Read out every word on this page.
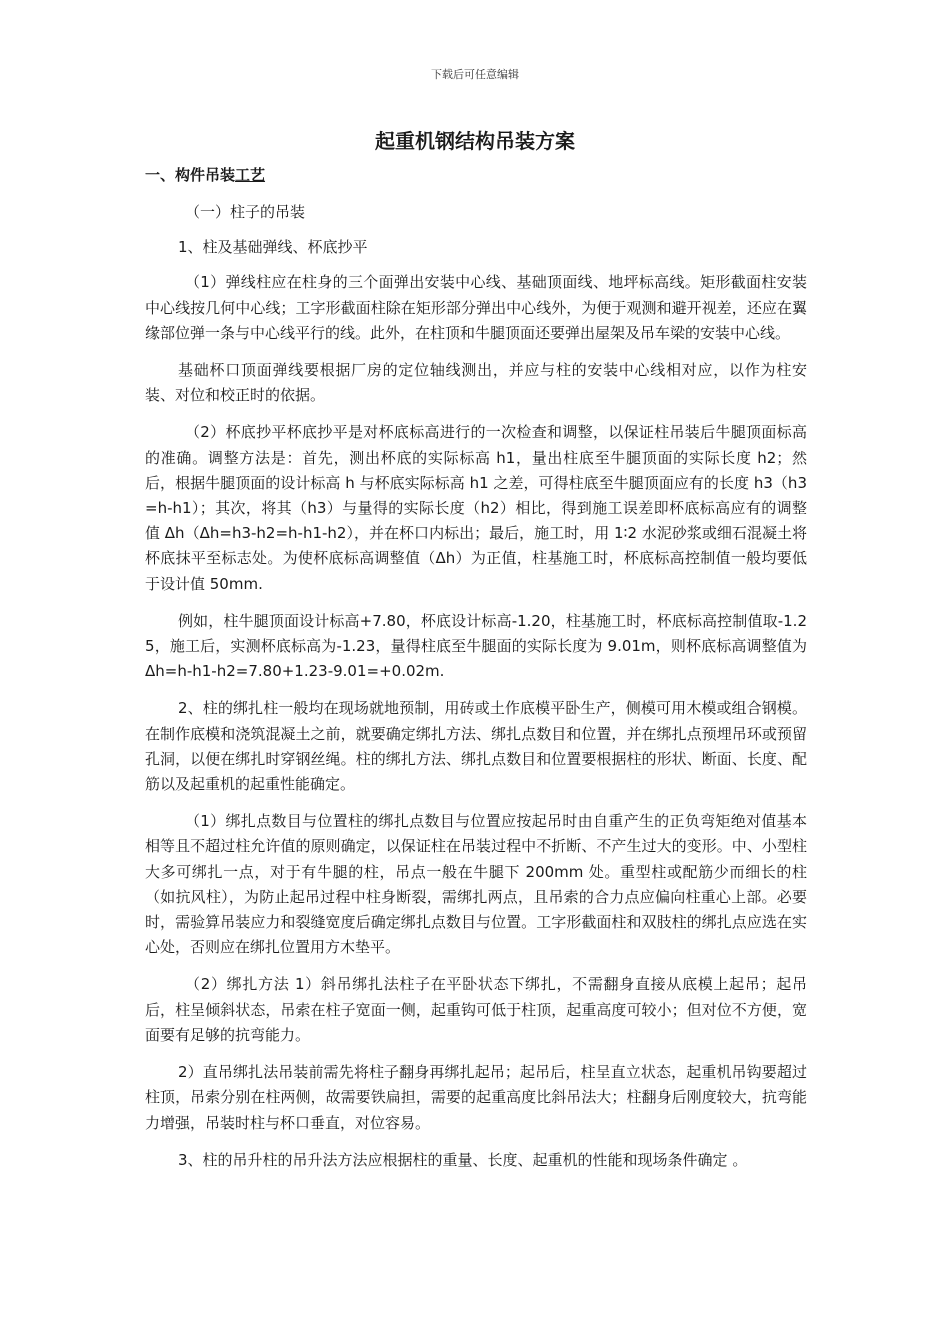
下载后可任意编辑
起重机钢结构吊装方案
一、构件吊装工艺

（一）柱子的吊装

1、柱及基础弹线、杯底抄平

（1）弹线柱应在柱身的三个面弹出安装中心线、基础顶面线、地坪标高线。矩形截面柱安装中心线按几何中心线；工字形截面柱除在矩形部分弹出中心线外，为便于观测和避开视差，还应在翼缘部位弹一条与中心线平行的线。此外，在柱顶和牛腿顶面还要弹出屋架及吊车梁的安装中心线。

基础杯口顶面弹线要根据厂房的定位轴线测出，并应与柱的安装中心线相对应，以作为柱安装、对位和校正时的依据。

（2）杯底抄平杯底抄平是对杯底标高进行的一次检查和调整，以保证柱吊装后牛腿顶面标高的准确。调整方法是：首先，测出杯底的实际标高 h1，量出柱底至牛腿顶面的实际长度 h2；然后，根据牛腿顶面的设计标高 h 与杯底实际标高 h1 之差，可得柱底至牛腿顶面应有的长度 h3（h3=h-h1）；其次，将其（h3）与量得的实际长度（h2）相比，得到施工误差即杯底标高应有的调整值 Δh（Δh=h3-h2=h-h1-h2），并在杯口内标出；最后，施工时，用 1∶2 水泥砂浆或细石混凝土将杯底抹平至标志处。为使杯底标高调整值（Δh）为正值，柱基施工时，杯底标高控制值一般均要低于设计值 50mm.

例如，柱牛腿顶面设计标高+7.80，杯底设计标高-1.20，柱基施工时，杯底标高控制值取-1.25，施工后，实测杯底标高为-1.23，量得柱底至牛腿面的实际长度为 9.01m，则杯底标高调整值为Δh=h-h1-h2=7.80+1.23-9.01=+0.02m.

2、柱的绑扎柱一般均在现场就地预制，用砖或土作底模平卧生产，侧模可用木模或组合钢模。在制作底模和浇筑混凝土之前，就要确定绑扎方法、绑扎点数目和位置，并在绑扎点预埋吊环或预留孔洞，以便在绑扎时穿钢丝绳。柱的绑扎方法、绑扎点数目和位置要根据柱的形状、断面、长度、配筋以及起重机的起重性能确定。

（1）绑扎点数目与位置柱的绑扎点数目与位置应按起吊时由自重产生的正负弯矩绝对值基本相等且不超过柱允许值的原则确定，以保证柱在吊装过程中不折断、不产生过大的变形。中、小型柱大多可绑扎一点，对于有牛腿的柱，吊点一般在牛腿下 200mm 处。重型柱或配筋少而细长的柱（如抗风柱），为防止起吊过程中柱身断裂，需绑扎两点，且吊索的合力点应偏向柱重心上部。必要时，需验算吊装应力和裂缝宽度后确定绑扎点数目与位置。工字形截面柱和双肢柱的绑扎点应选在实心处，否则应在绑扎位置用方木垫平。

（2）绑扎方法 1）斜吊绑扎法柱子在平卧状态下绑扎，不需翻身直接从底模上起吊；起吊后，柱呈倾斜状态，吊索在柱子宽面一侧，起重钩可低于柱顶，起重高度可较小；但对位不方便，宽面要有足够的抗弯能力。

2）直吊绑扎法吊装前需先将柱子翻身再绑扎起吊；起吊后，柱呈直立状态，起重机吊钩要超过柱顶，吊索分别在柱两侧，故需要铁扁担，需要的起重高度比斜吊法大；柱翻身后刚度较大，抗弯能力增强，吊装时柱与杯口垂直，对位容易。

3、柱的吊升柱的吊升法方法应根据柱的重量、长度、起重机的性能和现场条件确定 。
